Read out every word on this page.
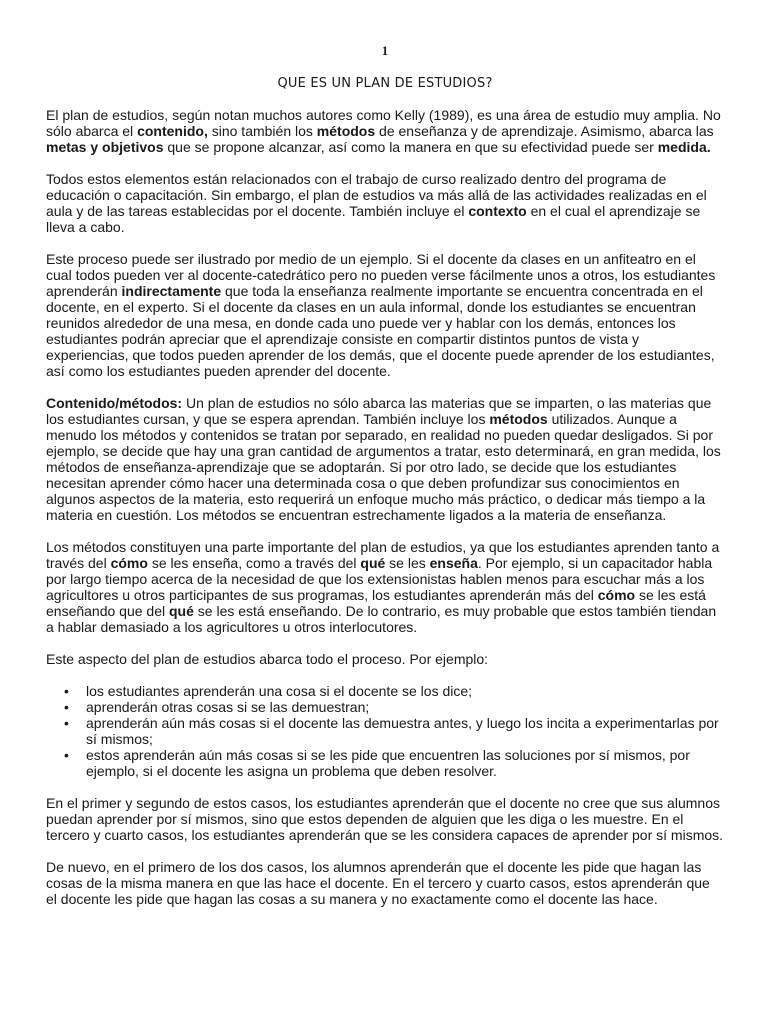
1
QUE ES UN PLAN DE ESTUDIOS?

El plan de estudios, según notan muchos autores como Kelly (1989), es una área de estudio muy amplia. No sólo abarca el contenido, sino también los métodos de enseñanza y de aprendizaje. Asimismo, abarca las metas y objetivos que se propone alcanzar, así como la manera en que su efectividad puede ser medida.

Todos estos elementos están relacionados con el trabajo de curso realizado dentro del programa de educación o capacitación. Sin embargo, el plan de estudios va más allá de las actividades realizadas en el aula y de las tareas establecidas por el docente. También incluye el contexto en el cual el aprendizaje se lleva a cabo.

Este proceso puede ser ilustrado por medio de un ejemplo. Si el docente da clases en un anfiteatro en el cual todos pueden ver al docente-catedrático pero no pueden verse fácilmente unos a otros, los estudiantes aprenderán indirectamente que toda la enseñanza realmente importante se encuentra concentrada en el docente, en el experto. Si el docente da clases en un aula informal, donde los estudiantes se encuentran reunidos alrededor de una mesa, en donde cada uno puede ver y hablar con los demás, entonces los estudiantes podrán apreciar que el aprendizaje consiste en compartir distintos puntos de vista y experiencias, que todos pueden aprender de los demás, que el docente puede aprender de los estudiantes, así como los estudiantes pueden aprender del docente.

Contenido/métodos: Un plan de estudios no sólo abarca las materias que se imparten, o las materias que los estudiantes cursan, y que se espera aprendan. También incluye los métodos utilizados. Aunque a menudo los métodos y contenidos se tratan por separado, en realidad no pueden quedar desligados. Si por ejemplo, se decide que hay una gran cantidad de argumentos a tratar, esto determinará, en gran medida, los métodos de enseñanza-aprendizaje que se adoptarán. Si por otro lado, se decide que los estudiantes necesitan aprender cómo hacer una determinada cosa o que deben profundizar sus conocimientos en algunos aspectos de la materia, esto requerirá un enfoque mucho más práctico, o dedicar más tiempo a la materia en cuestión. Los métodos se encuentran estrechamente ligados a la materia de enseñanza.

Los métodos constituyen una parte importante del plan de estudios, ya que los estudiantes aprenden tanto a través del cómo se les enseña, como a través del qué se les enseña. Por ejemplo, si un capacitador habla por largo tiempo acerca de la necesidad de que los extensionistas hablen menos para escuchar más a los agricultores u otros participantes de sus programas, los estudiantes aprenderán más del cómo se les está enseñando que del qué se les está enseñando. De lo contrario, es muy probable que estos también tiendan a hablar demasiado a los agricultores u otros interlocutores.

Este aspecto del plan de estudios abarca todo el proceso. Por ejemplo:

• los estudiantes aprenderán una cosa si el docente se los dice;
• aprenderán otras cosas si se las demuestran;
• aprenderán aún más cosas si el docente las demuestra antes, y luego los incita a experimentarlas por sí mismos;
• estos aprenderán aún más cosas si se les pide que encuentren las soluciones por sí mismos, por ejemplo, si el docente les asigna un problema que deben resolver.

En el primer y segundo de estos casos, los estudiantes aprenderán que el docente no cree que sus alumnos puedan aprender por sí mismos, sino que estos dependen de alguien que les diga o les muestre. En el tercero y cuarto casos, los estudiantes aprenderán que se les considera capaces de aprender por sí mismos.

De nuevo, en el primero de los dos casos, los alumnos aprenderán que el docente les pide que hagan las cosas de la misma manera en que las hace el docente. En el tercero y cuarto casos, estos aprenderán que el docente les pide que hagan las cosas a su manera y no exactamente como el docente las hace.
